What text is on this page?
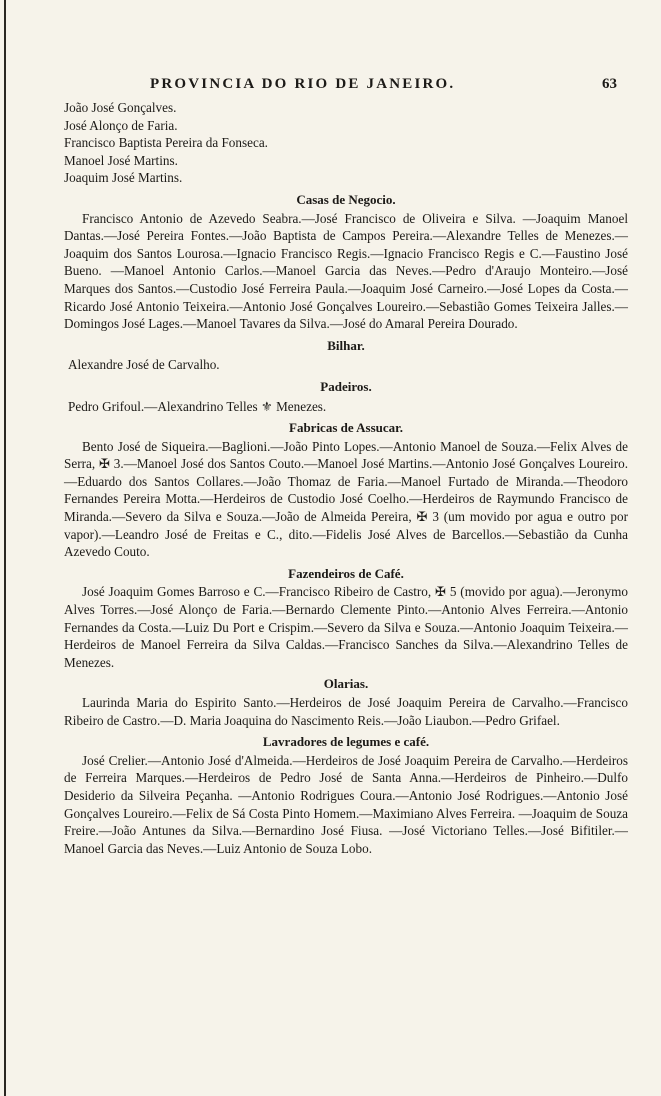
PROVINCIA DO RIO DE JANEIRO.	63

João José Gonçalves.

José Alonço de Faria.

Francisco Baptista Pereira da Fonseca.

Manoel José Martins.

Joaquim José Martins.

Casas de Negocio.

Francisco Antonio de Azevedo Seabra.—José Francisco de Oliveira e Silva. —Joaquim Manoel Dantas.—José Pereira Fontes.—João Baptista de Campos Pereira.—Alexandre Telles de Menezes.—Joaquim dos Santos Lourosa.—Ignacio Francisco Regis.—Ignacio Francisco Regis e C.—Faustino José Bueno. —Manoel Antonio Carlos.—Manoel Garcia das Neves.—Pedro d'Araujo Monteiro.—José Marques dos Santos.—Custodio José Ferreira Paula.—Joaquim José Carneiro.—José Lopes da Costa.—Ricardo José Antonio Teixeira.—Antonio José Gonçalves Loureiro.—Sebastião Gomes Teixeira Jalles.—Domingos José Lages.—Manoel Tavares da Silva.—José do Amaral Pereira Dourado.

Bilhar.

Alexandre José de Carvalho.

Padeiros.

Pedro Grifoul.—Alexandrino Telles ⚜ Menezes.

Fabricas de Assucar.

Bento José de Siqueira.—Baglioni.—João Pinto Lopes.—Antonio Manoel de Souza.—Felix Alves de Serra, ✠ 3.—Manoel José dos Santos Couto.—Manoel José Martins.—Antonio José Gonçalves Loureiro.—Eduardo dos Santos Collares.—João Thomaz de Faria.—Manoel Furtado de Miranda.—Theodoro Fernandes Pereira Motta.—Herdeiros de Custodio José Coelho.—Herdeiros de Raymundo Francisco de Miranda.—Severo da Silva e Souza.—João de Almeida Pereira, ✠ 3 (um movido por agua e outro por vapor).—Leandro José de Freitas e C., dito.—Fidelis José Alves de Barcellos.—Sebastião da Cunha Azevedo Couto.

Fazendeiros de Café.

José Joaquim Gomes Barroso e C.—Francisco Ribeiro de Castro, ✠ 5 (movido por agua).—Jeronymo Alves Torres.—José Alonço de Faria.—Bernardo Clemente Pinto.—Antonio Alves Ferreira.—Antonio Fernandes da Costa.—Luiz Du Port e Crispim.—Severo da Silva e Souza.—Antonio Joaquim Teixeira.—Herdeiros de Manoel Ferreira da Silva Caldas.—Francisco Sanches da Silva.—Alexandrino Telles de Menezes.

Olarias.

Laurinda Maria do Espirito Santo.—Herdeiros de José Joaquim Pereira de Carvalho.—Francisco Ribeiro de Castro.—D. Maria Joaquina do Nascimento Reis.—João Liaubon.—Pedro Grifael.

Lavradores de legumes e café.

José Crelier.—Antonio José d'Almeida.—Herdeiros de José Joaquim Pereira de Carvalho.—Herdeiros de Ferreira Marques.—Herdeiros de Pedro José de Santa Anna.—Herdeiros de Pinheiro.—Dulfo Desiderio da Silveira Peçanha. —Antonio Rodrigues Coura.—Antonio José Rodrigues.—Antonio José Gonçalves Loureiro.—Felix de Sá Costa Pinto Homem.—Maximiano Alves Ferreira. —Joaquim de Souza Freire.—João Antunes da Silva.—Bernardino José Fiusa. —José Victoriano Telles.—José Bifitiler.—Manoel Garcia das Neves.—Luiz Antonio de Souza Lobo.
